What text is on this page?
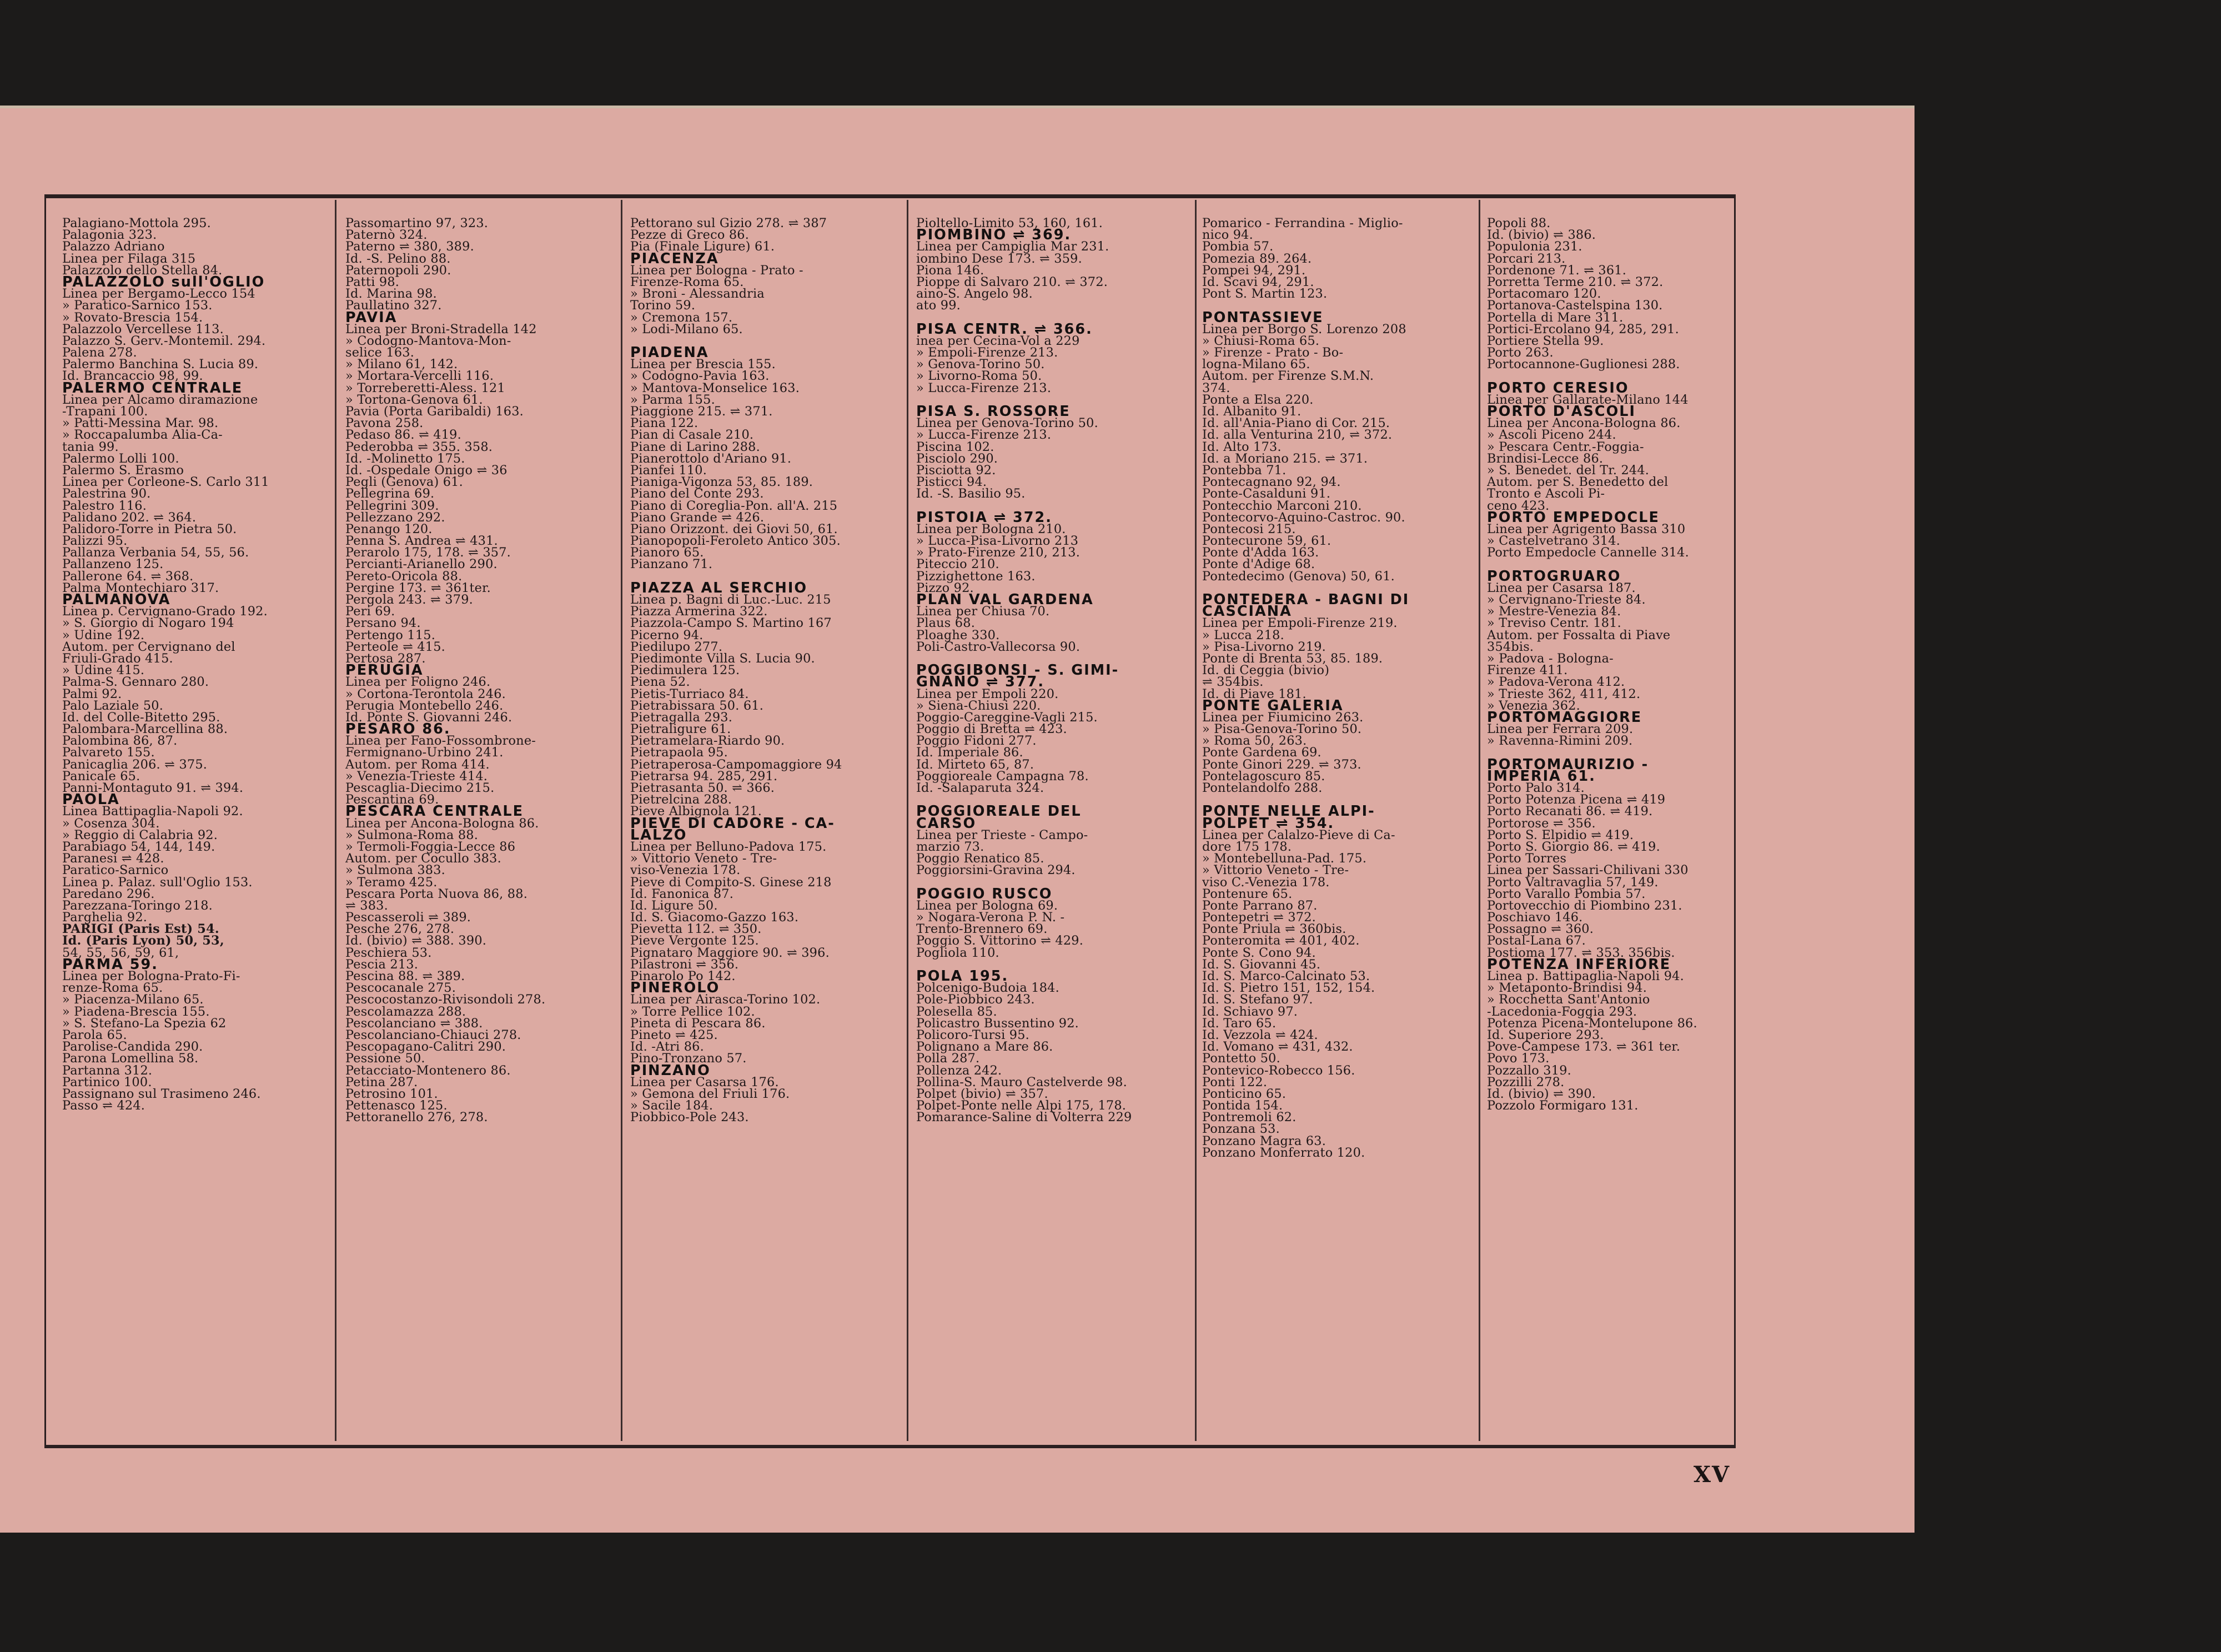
Palagiano-Mottola 295.
Palagonia 323.
Palazzo Adriano
Linea per Filaga 315
Palazzolo dello Stella 84.
PALAZZOLO sull'OGLIO
Linea per Bergamo-Lecco 154
» Paratico-Sarnico 153.
» Rovato-Brescia 154.
Palazzolo Vercellese 113.
Palazzo S. Gerv.-Montemil. 294.
Palena 278.
Palermo Banchina S. Lucia 89.
Id. Brancaccio 98, 99.
PALERMO CENTRALE
Linea per Alcamo diramazione
-Trapani 100.
» Patti-Messina Mar. 98.
» Roccapalumba Alia-Ca-
tania 99.
Palermo Lolli 100.
Palermo S. Erasmo
Linea per Corleone-S. Carlo 311
Palestrina 90.
Palestro 116.
Palidano 202. ⇌ 364.
Palidoro-Torre in Pietra 50.
Palizzi 95.
Pallanza Verbania 54, 55, 56.
Pallanzeno 125.
Pallerone 64. ⇌ 368.
Palma Montechiaro 317.
PALMANOVA
Linea p. Cervignano-Grado 192.
» S. Giorgio di Nogaro 194
» Udine 192.
Autom. per Cervignano del
Friuli-Grado 415.
» Udine 415.
Palma-S. Gennaro 280.
Palmi 92.
Palo Laziale 50.
Id. del Colle-Bitetto 295.
Palombara-Marcellina 88.
Palombina 86, 87.
Palvareto 155.
Panicaglia 206. ⇌ 375.
Panicale 65.
Panni-Montaguto 91. ⇌ 394.
PAOLA
Linea Battipaglia-Napoli 92.
» Cosenza 304.
» Reggio di Calabria 92.
Parabiago 54, 144, 149.
Paranesi ⇌ 428.
Paratico-Sarnico
Linea p. Palaz. sull'Oglio 153.
Paredano 296.
Parezzana-Toringo 218.
Parghelia 92.
PARIGI (Paris Est) 54.
Id. (Paris Lyon) 50, 53,
54, 55, 56, 59, 61,
PARMA 59.
Linea per Bologna-Prato-Fi-
renze-Roma 65.
» Piacenza-Milano 65.
» Piadena-Brescia 155.
» S. Stefano-La Spezia 62
Parola 65.
Parolise-Candida 290.
Parona Lomellina 58.
Partanna 312.
Partinico 100.
Passignano sul Trasimeno 246.
Passo ⇌ 424.
Passomartino 97, 323.
Paternò 324.
Paterno ⇌ 380, 389.
Id. -S. Pelino 88.
Paternopoli 290.
Patti 98.
Id. Marina 98.
Paullatino 327.
PAVIA
Linea per Broni-Stradella 142
» Codogno-Mantova-Mon-
selice 163.
» Milano 61, 142.
» Mortara-Vercelli 116.
» Torreberetti-Aless. 121
» Tortona-Genova 61.
Pavia (Porta Garibaldi) 163.
Pavona 258.
Pedaso 86. ⇌ 419.
Pederobba ⇌ 355. 358.
Id. -Molinetto 175.
Id. -Ospedale Onigo ⇌ 36
Pegli (Genova) 61.
Pellegrina 69.
Pellegrini 309.
Pellezzano 292.
Penango 120.
Penna S. Andrea ⇌ 431.
Perarolo 175, 178. ⇌ 357.
Percianti-Arianello 290.
Pereto-Oricola 88.
Pergine 173. ⇌ 361ter.
Pergola 243. ⇌ 379.
Peri 69.
Persano 94.
Pertengo 115.
Perteole ⇌ 415.
Pertosa 287.
PERUGIA
Linea per Foligno 246.
» Cortona-Terontola 246.
Perugia Montebello 246.
Id. Ponte S. Giovanni 246.
PESARO 86.
Linea per Fano-Fossombrone-
Fermignano-Urbino 241.
Autom. per Roma 414.
» Venezia-Trieste 414.
Pescaglia-Diecimo 215.
Pescantina 69.
PESCARA CENTRALE
Linea per Ancona-Bologna 86.
» Sulmona-Roma 88.
» Termoli-Foggia-Lecce 86
Autom. per Cocullo 383.
» Sulmona 383.
» Teramo 425.
Pescara Porta Nuova 86, 88.
⇌ 383.
Pescasseroli ⇌ 389.
Pesche 276, 278.
Id. (bivio) ⇌ 388. 390.
Peschiera 53.
Pescia 213.
Pescina 88. ⇌ 389.
Pescocanale 275.
Pescocostanzo-Rivisondoli 278.
Pescolamazza 288.
Pescolanciano ⇌ 388.
Pescolanciano-Chiauci 278.
Pescopagano-Calitri 290.
Pessione 50.
Petacciato-Montenero 86.
Petina 287.
Petrosino 101.
Pettenasco 125.
Pettoranello 276, 278.
Pettorano sul Gizio 278. ⇌ 387
Pezze di Greco 86.
Pia (Finale Ligure) 61.
PIACENZA
Linea per Bologna - Prato -
Firenze-Roma 65.
» Broni - Alessandria
Torino 59.
» Cremona 157.
» Lodi-Milano 65.
PIADENA
Linea per Brescia 155.
» Codogno-Pavia 163.
» Mantova-Monselice 163.
» Parma 155.
Piaggione 215. ⇌ 371.
Piana 122.
Pian di Casale 210.
Piane di Larino 288.
Pianerottolo d'Ariano 91.
Pianfei 110.
Pianiga-Vigonza 53, 85. 189.
Piano del Conte 293.
Piano di Coreglia-Pon. all'A. 215
Piano Grande ⇌ 426.
Piano Orizzont. dei Giovi 50, 61.
Pianopopoli-Feroleto Antico 305.
Pianoro 65.
Pianzano 71.
PIAZZA AL SERCHIO
Linea p. Bagni di Luc.-Luc. 215
Piazza Armerina 322.
Piazzola-Campo S. Martino 167
Picerno 94.
Piedilupo 277.
Piedimonte Villa S. Lucia 90.
Piedimulera 125.
Piena 52.
Pietis-Turriaco 84.
Pietrabissara 50. 61.
Pietragalla 293.
Pietraligure 61.
Pietramelara-Riardo 90.
Pietrapaola 95.
Pietraperosa-Campomaggiore 94
Pietrarsa 94. 285, 291.
Pietrasanta 50. ⇌ 366.
Pietrelcina 288.
Pieve Albignola 121.
PIEVE DI CADORE - CA-
LALZO
Linea per Belluno-Padova 175.
» Vittorio Veneto - Tre-
viso-Venezia 178.
Pieve di Compito-S. Ginese 218
Id. Fanonica 87.
Id. Ligure 50.
Id. S. Giacomo-Gazzo 163.
Pievetta 112. ⇌ 350.
Pieve Vergonte 125.
Pignataro Maggiore 90. ⇌ 396.
Pilastroni ⇌ 356.
Pinarolo Po 142.
PINEROLO
Linea per Airasca-Torino 102.
» Torre Pellice 102.
Pineta di Pescara 86.
Pineto ⇌ 425.
Id. -Atri 86.
Pino-Tronzano 57.
PINZANO
Linea per Casarsa 176.
» Gemona del Friuli 176.
» Sacile 184.
Piobbico-Pole 243.
Pioltello-Limito 53, 160, 161.
PIOMBINO ⇌ 369.
Linea per Campiglia Mar 231.
iombino Dese 173. ⇌ 359.
Piona 146.
Pioppe di Salvaro 210. ⇌ 372.
aino-S. Angelo 98.
ato 99.
PISA CENTR. ⇌ 366.
inea per Cecina-Vol a 229
» Empoli-Firenze 213.
» Genova-Torino 50.
» Livorno-Roma 50.
» Lucca-Firenze 213.
PISA S. ROSSORE
Linea per Genova-Torino 50.
» Lucca-Firenze 213.
Piscina 102.
Pisciolo 290.
Pisciotta 92.
Pisticci 94.
Id. -S. Basilio 95.
PISTOIA ⇌ 372.
Linea per Bologna 210.
» Lucca-Pisa-Livorno 213
» Prato-Firenze 210, 213.
Piteccio 210.
Pizzighettone 163.
Pizzo 92.
PLAN VAL GARDENA
Linea per Chiusa 70.
Plaus 68.
Ploaghe 330.
Poli-Castro-Vallecorsa 90.
POGGIBONSI - S. GIMI-
GNANO ⇌ 377.
Linea per Empoli 220.
» Siena-Chiusi 220.
Poggio-Careggine-Vagli 215.
Poggio di Bretta ⇌ 423.
Poggio Fidoni 277.
Id. Imperiale 86.
Id. Mirteto 65, 87.
Poggioreale Campagna 78.
Id. -Salaparuta 324.
POGGIOREALE DEL
CARSO
Linea per Trieste - Campo-
marzio 73.
Poggio Renatico 85.
Poggiorsini-Gravina 294.
POGGIO RUSCO
Linea per Bologna 69.
» Nogara-Verona P. N. -
Trento-Brennero 69.
Poggio S. Vittorino ⇌ 429.
Pogliola 110.
POLA 195.
Polcenigo-Budoia 184.
Pole-Piobbico 243.
Polesella 85.
Policastro Bussentino 92.
Policoro-Tursi 95.
Polignano a Mare 86.
Polla 287.
Pollenza 242.
Pollina-S. Mauro Castelverde 98.
Polpet (bivio) ⇌ 357.
Polpet-Ponte nelle Alpi 175, 178.
Pomarance-Saline di Volterra 229
Pomarico - Ferrandina - Miglio-
nico 94.
Pombia 57.
Pomezia 89. 264.
Pompei 94, 291.
Id. Scavi 94, 291.
Pont S. Martin 123.
PONTASSIEVE
Linea per Borgo S. Lorenzo 208
» Chiusi-Roma 65.
» Firenze - Prato - Bo-
logna-Milano 65.
Autom. per Firenze S.M.N.
374.
Ponte a Elsa 220.
Id. Albanito 91.
Id. all'Ania-Piano di Cor. 215.
Id. alla Venturina 210, ⇌ 372.
Id. Alto 173.
Id. a Moriano 215. ⇌ 371.
Pontebba 71.
Pontecagnano 92, 94.
Ponte-Casalduni 91.
Pontecchio Marconi 210.
Pontecorvo-Aquino-Castroc. 90.
Pontecosi 215.
Pontecurone 59, 61.
Ponte d'Adda 163.
Ponte d'Adige 68.
Pontedecimo (Genova) 50, 61.
PONTEDERA - BAGNI DI
CASCIANA
Linea per Empoli-Firenze 219.
» Lucca 218.
» Pisa-Livorno 219.
Ponte di Brenta 53, 85. 189.
Id. di Ceggia (bivio)
⇌ 354bis.
Id. di Piave 181.
PONTE GALERIA
Linea per Fiumicino 263.
» Pisa-Genova-Torino 50.
» Roma 50, 263.
Ponte Gardena 69.
Ponte Ginori 229. ⇌ 373.
Pontelagoscuro 85.
Pontelandolfo 288.
PONTE NELLE ALPI-
POLPET ⇌ 354.
Linea per Calalzo-Pieve di Ca-
dore 175 178.
» Montebelluna-Pad. 175.
» Vittorio Veneto - Tre-
viso C.-Venezia 178.
Pontenure 65.
Ponte Parrano 87.
Pontepetri ⇌ 372.
Ponte Priula ⇌ 360bis.
Ponteromita ⇌ 401, 402.
Ponte S. Cono 94.
Id. S. Giovanni 45.
Id. S. Marco-Calcinato 53.
Id. S. Pietro 151, 152, 154.
Id. S. Stefano 97.
Id. Schiavo 97.
Id. Taro 65.
Id. Vezzola ⇌ 424.
Id. Vomano ⇌ 431, 432.
Pontetto 50.
Pontevico-Robecco 156.
Ponti 122.
Ponticino 65.
Pontida 154.
Pontremoli 62.
Ponzana 53.
Ponzano Magra 63.
Ponzano Monferrato 120.
Popoli 88.
Id. (bivio) ⇌ 386.
Populonia 231.
Porcari 213.
Pordenone 71. ⇌ 361.
Porretta Terme 210. ⇌ 372.
Portacomaro 120.
Portanova-Castelspina 130.
Portella di Mare 311.
Portici-Ercolano 94, 285, 291.
Portiere Stella 99.
Porto 263.
Portocannone-Guglionesi 288.
PORTO CERESIO
Linea per Gallarate-Milano 144
PORTO D'ASCOLI
Linea per Ancona-Bologna 86.
» Ascoli Piceno 244.
» Pescara Centr.-Foggia-
Brindisi-Lecce 86.
» S. Benedet. del Tr. 244.
Autom. per S. Benedetto del
Tronto e Ascoli Pi-
ceno 423.
PORTO EMPEDOCLE
Linea per Agrigento Bassa 310
» Castelvetrano 314.
Porto Empedocle Cannelle 314.
PORTOGRUARO
Linea per Casarsa 187.
» Cervignano-Trieste 84.
» Mestre-Venezia 84.
» Treviso Centr. 181.
Autom. per Fossalta di Piave
354bis.
» Padova - Bologna-
Firenze 411.
» Padova-Verona 412.
» Trieste 362, 411, 412.
» Venezia 362.
PORTOMAGGIORE
Linea per Ferrara 209.
» Ravenna-Rimini 209.
PORTOMAURIZIO -
IMPERIA 61.
Porto Palo 314.
Porto Potenza Picena ⇌ 419
Porto Recanati 86. ⇌ 419.
Portorose ⇌ 356.
Porto S. Elpidio ⇌ 419.
Porto S. Giorgio 86. ⇌ 419.
Porto Torres
Linea per Sassari-Chilivani 330
Porto Valtravaglia 57, 149.
Porto Varallo Pombia 57.
Portovecchio di Piombino 231.
Poschiavo 146.
Possagno ⇌ 360.
Postal-Lana 67.
Postioma 177. ⇌ 353. 356bis.
POTENZA INFERIORE
Linea p. Battipaglia-Napoli 94.
» Metaponto-Brindisi 94.
» Rocchetta Sant'Antonio
-Lacedonia-Foggia 293.
Potenza Picena-Montelupone 86.
Id. Superiore 293.
Pove-Campese 173. ⇌ 361 ter.
Povo 173.
Pozzallo 319.
Pozzilli 278.
Id. (bivio) ⇌ 390.
Pozzolo Formigaro 131.
XV
